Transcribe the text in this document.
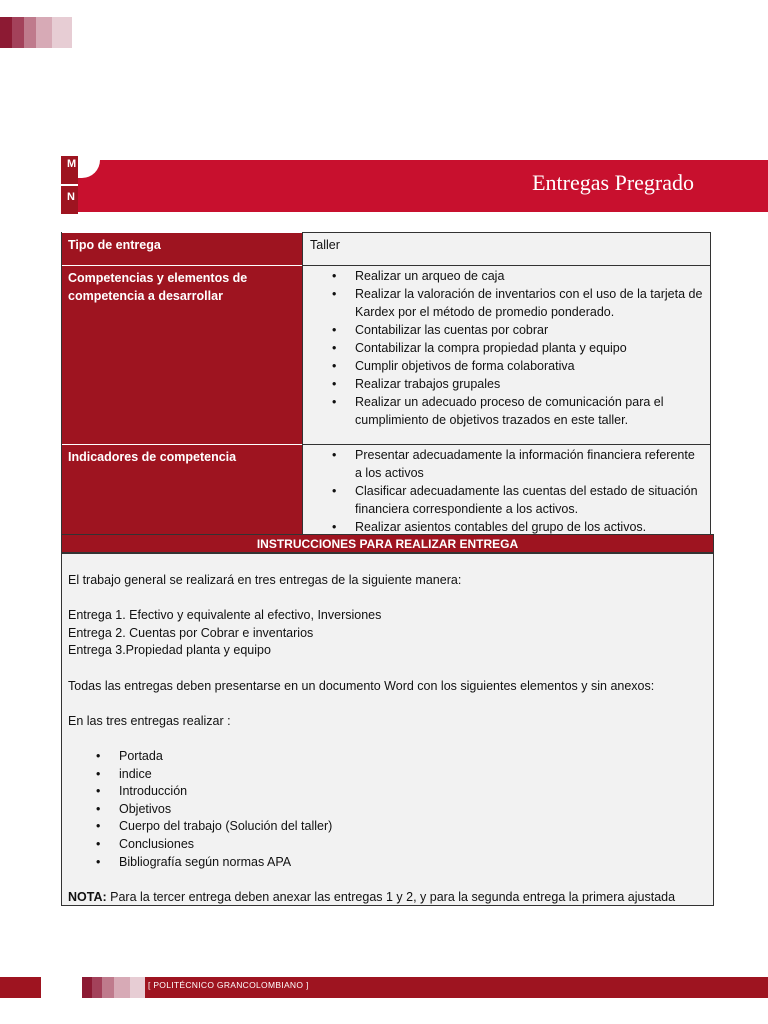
M
N
Entregas Pregrado
Tipo de entrega	Taller
Competencias y elementos de competencia a desarrollar
• Realizar un arqueo de caja
• Realizar la valoración de inventarios con el uso de la tarjeta de Kardex por el método de promedio ponderado.
• Contabilizar las cuentas por cobrar
• Contabilizar la compra propiedad planta y equipo
• Cumplir objetivos de forma colaborativa
• Realizar trabajos grupales
• Realizar un adecuado proceso de comunicación para el cumplimiento de objetivos trazados en este taller.
Indicadores de competencia
•	Presentar adecuadamente la información financiera referente a los activos
• Clasificar adecuadamente las cuentas del estado de situación financiera correspondiente a los activos.
• Realizar asientos contables del grupo de los activos.
INSTRUCCIONES PARA REALIZAR ENTREGA

El trabajo general se realizará en tres entregas de la siguiente manera:

Entrega 1. Efectivo y equivalente al efectivo, Inversiones

Entrega 2. Cuentas por Cobrar e inventarios

Entrega 3.Propiedad planta y equipo

Todas las entregas deben presentarse en un documento Word con los siguientes elementos y sin anexos:

En las tres entregas realizar :

• Portada
• indice
• Introducción
• Objetivos
• Cuerpo del trabajo (Solución del taller)
• Conclusiones
• Bibliografía según normas APA

NOTA: Para la tercer entrega deben anexar las entregas 1 y 2, y para la segunda entrega la primera ajustada

[ POLITÉCNICO GRANCOLOMBIANO ]
